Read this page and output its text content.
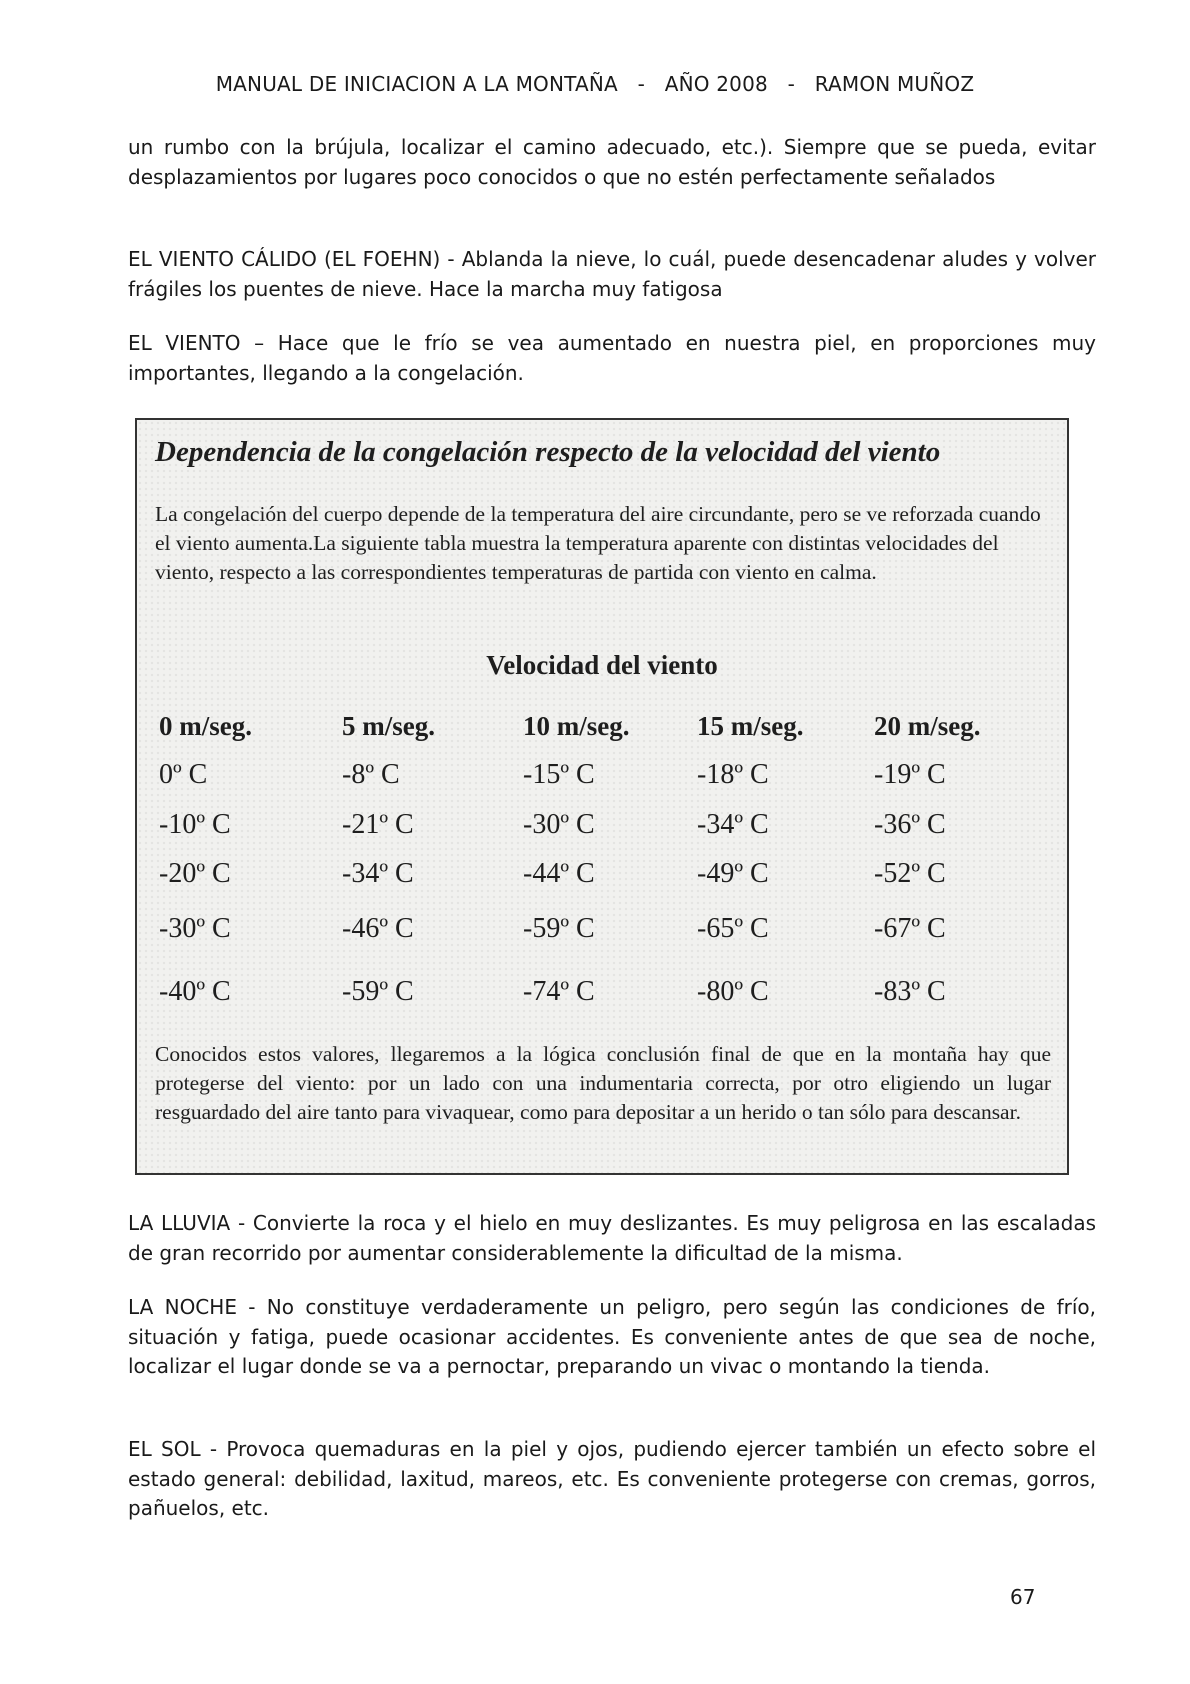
MANUAL DE INICIACION A LA MONTAÑA   -   AÑO 2008   -   RAMON MUÑOZ

un rumbo con la brújula, localizar el camino adecuado, etc.). Siempre que se pueda, evitar desplazamientos por lugares poco conocidos o que no estén perfectamente señalados

EL VIENTO CÁLIDO (EL FOEHN) - Ablanda la nieve, lo cuál, puede desencadenar aludes y volver frágiles los puentes de nieve. Hace la marcha muy fatigosa

EL VIENTO – Hace que le frío se vea aumentado en nuestra piel, en proporciones muy importantes, llegando a la congelación.

Dependencia de la congelación respecto de la velocidad del viento

La congelación del cuerpo depende de la temperatura del aire circundante, pero se ve reforzada cuando el viento aumenta.La siguiente tabla muestra la temperatura aparente con distintas velocidades del viento, respecto a las correspondientes temperaturas de partida con viento en calma.

Velocidad del viento
0 m/seg.	5 m/seg.	10 m/seg.	15 m/seg.	20 m/seg.
0º C	-8º C	-15º C	-18º C	-19º C
-10º C	-21º C	-30º C	-34º C	-36º C
-20º C	-34º C	-44º C	-49º C	-52º C
-30º C	-46º C	-59º C	-65º C	-67º C
-40º C	-59º C	-74º C	-80º C	-83º C

Conocidos estos valores, llegaremos a la lógica conclusión final de que en la montaña hay que protegerse del viento: por un lado con una indumentaria correcta, por otro eligiendo un lugar resguardado del aire tanto para vivaquear, como para depositar a un herido o tan sólo para descansar.

LA LLUVIA - Convierte la roca y el hielo en muy deslizantes. Es muy peligrosa en las escaladas de gran recorrido por aumentar considerablemente la dificultad de la misma.

LA NOCHE - No constituye verdaderamente un peligro, pero según las condiciones de frío, situación y fatiga, puede ocasionar accidentes. Es conveniente antes de que sea de noche, localizar el lugar donde se va a pernoctar, preparando un vivac o montando la tienda.

EL SOL - Provoca quemaduras en la piel y ojos, pudiendo ejercer también un efecto sobre el estado general: debilidad, laxitud, mareos, etc. Es conveniente protegerse con cremas, gorros, pañuelos, etc.

67
